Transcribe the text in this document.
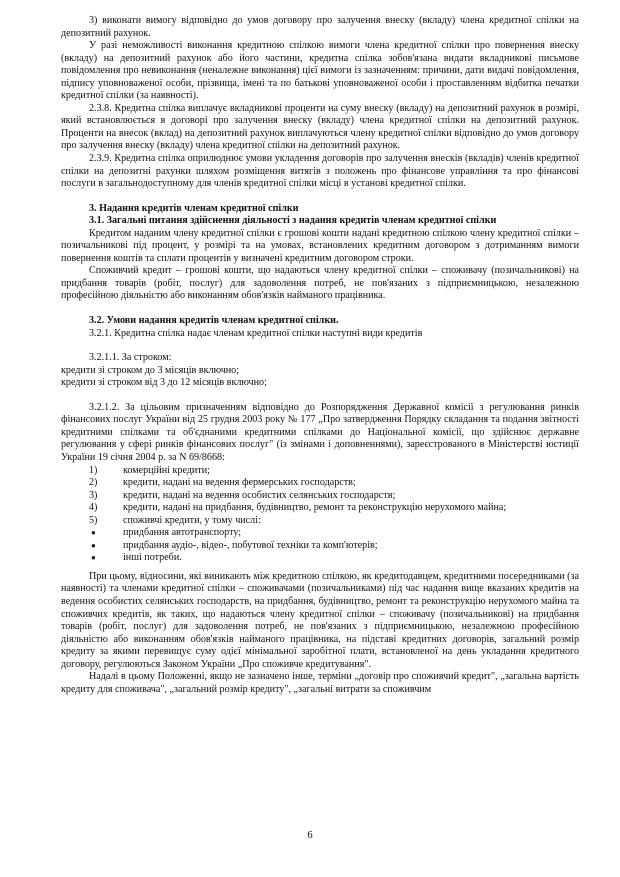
3) виконати вимогу відповідно до умов договору про залучення внеску (вкладу) члена кредитної спілки на депозитний рахунок.

У разі неможливості виконання кредитною спілкою вимоги члена кредитної спілки про повернення внеску (вкладу) на депозитний рахунок або його частини, кредитна спілка зобов'язана видати вкладникові письмове повідомлення про невиконання (неналежне виконання) цієї вимоги із зазначенням: причини, дати видачі повідомлення, підпису уповноваженої особи, прізвища, імені та по батькові уповноваженої особи і проставленням відбитка печатки кредитної спілки (за наявності).

2.3.8. Кредитна спілка виплачує вкладникові проценти на суму внеску (вкладу) на депозитний рахунок в розмірі, який встановлюється в договорі про залучення внеску (вкладу) члена кредитної спілки на депозитний рахунок. Проценти на внесок (вклад) на депозитний рахунок виплачуються члену кредитної спілки відповідно до умов договору про залучення внеску (вкладу) члена кредитної спілки на депозитний рахунок.

2.3.9. Кредитна спілка оприлюднює умови укладення договорів про залучення внесків (вкладів) членів кредитної спілки на депозитні рахунки шляхом розміщення витягів з положень про фінансове управління та про фінансові послуги в загальнодоступному для членів кредитної спілки місці в установі кредитної спілки.

3. Надання кредитів членам кредитної спілки
3.1. Загальні питання здійснення діяльності з надання кредитів членам кредитної спілки

Кредитом наданим члену кредитної спілки є грошові кошти надані кредитною спілкою члену кредитної спілки – позичальникові під процент, у розмірі та на умовах, встановлених кредитним договором з дотриманням вимоги повернення коштів та сплати процентів у визначені кредитним договором строки.

Споживчий кредит – грошові кошти, що надаються члену кредитної спілки – споживачу (позичальникові) на придбання товарів (робіт, послуг) для задоволення потреб, не пов'язаних з підприємницькою, незалежною професійною діяльністю або виконанням обов'язків найманого працівника.

3.2. Умови надання кредитів членам кредитної спілки.

3.2.1. Кредитна спілка надає членам кредитної спілки наступні види кредитів

3.2.1.1. За строком:

кредити зі строком до 3 місяців включно;

кредити зі строком від 3 до 12 місяців включно;

3.2.1.2. За цільовим призначенням відповідно до Розпорядження Державної комісії з регулювання ринків фінансових послуг України від 25 грудня 2003 року № 177 „Про затвердження Порядку складання та подання звітності кредитними спілками та об'єднаними кредитними спілками до Національної комісії, що здійснює державне регулювання у сфері ринків фінансових послуг" (із змінами і доповненнями), зареєстрованого в Міністерстві юстиції України 19 січня 2004 р. за N 69/8668:

1)	комерційні кредити;
2)	кредити, надані на ведення фермерських господарств;
3)	кредити, надані на ведення особистих селянських господарств;
4)	кредити, надані на придбання, будівництво, ремонт та реконструкцію нерухомого майна;
5)	споживчі кредити, у тому числі:
●	придбання автотранспорту;
●	придбання аудіо-, відео-, побутової техніки та комп'ютерів;
●	інші потреби.

При цьому, відносини, які виникають між кредитною спілкою, як кредитодавцем, кредитними посередниками (за наявності) та членами кредитної спілки – споживачами (позичальниками) під час надання вище вказаних кредитів на ведення особистих селянських господарств, на придбання, будівництво, ремонт та реконструкцію нерухомого майна та споживчих кредитів, як таких, що надаються члену кредитної спілки – споживачу (позичальникові) на придбання товарів (робіт, послуг) для задоволення потреб, не пов'язаних з підприємницькою, незалежною професійною діяльністю або виконанням обов'язків найманого працівника, на підставі кредитних договорів, загальний розмір кредиту за якими перевищує суму одієї мінімальної заробітної плати, встановленої на день укладання кредитного договору, регулюються Законом України „Про споживче кредитування".

Надалі в цьому Положенні, якщо не зазначено інше, терміни „договір про споживчий кредит", „загальна вартість кредиту для споживача", „загальний розмір кредиту", „загальні витрати за споживчим

6
